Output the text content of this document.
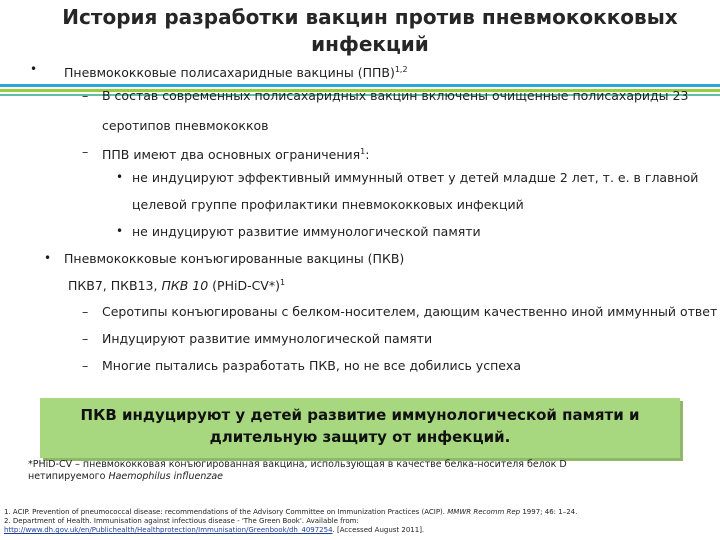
История разработки вакцин против пневмококковых
инфекций
• Пневмококковые полисахаридные вакцины (ППВ)$^{1,2}$
– В состав современных полисахаридных вакцин включены очищенные полисахариды 23
серотипов пневмококков
– ППВ имеют два основных ограничения$^1$:
• не индуцируют эффективный иммунный ответ у детей младше 2 лет, т. е. в главной
целевой группе профилактики пневмококковых инфекций
• не индуцируют развитие иммунологической памяти
• Пневмококковые конъюгированные вакцины (ПКВ)
ПКВ7, ПКВ13, ПКВ 10 (PHiD-CV*)$^1$
– Серотипы конъюгированы с белком-носителем, дающим качественно иной иммунный ответ
– Индуцируют развитие иммунологической памяти
– Многие пытались разработать ПКВ, но не все добились успеха
ПКВ индуцируют у детей развитие иммунологической памяти и
длительную защиту от инфекций.
*PHiD-CV – пневмококковая конъюгированная вакцина, использующая в качестве белка-носителя белок D
нетипируемого Haemophilus influenzae
1. ACIP. Prevention of pneumococcal disease: recommendations of the Advisory Committee on Immunization Practices (ACIP). MMWR Recomm Rep 1997; 46: 1–24.
2. Department of Health. Immunisation against infectious disease - 'The Green Book'. Available from:
http://www.dh.gov.uk/en/Publichealth/Healthprotection/Immunisation/Greenbook/dh_4097254. [Accessed August 2011].
